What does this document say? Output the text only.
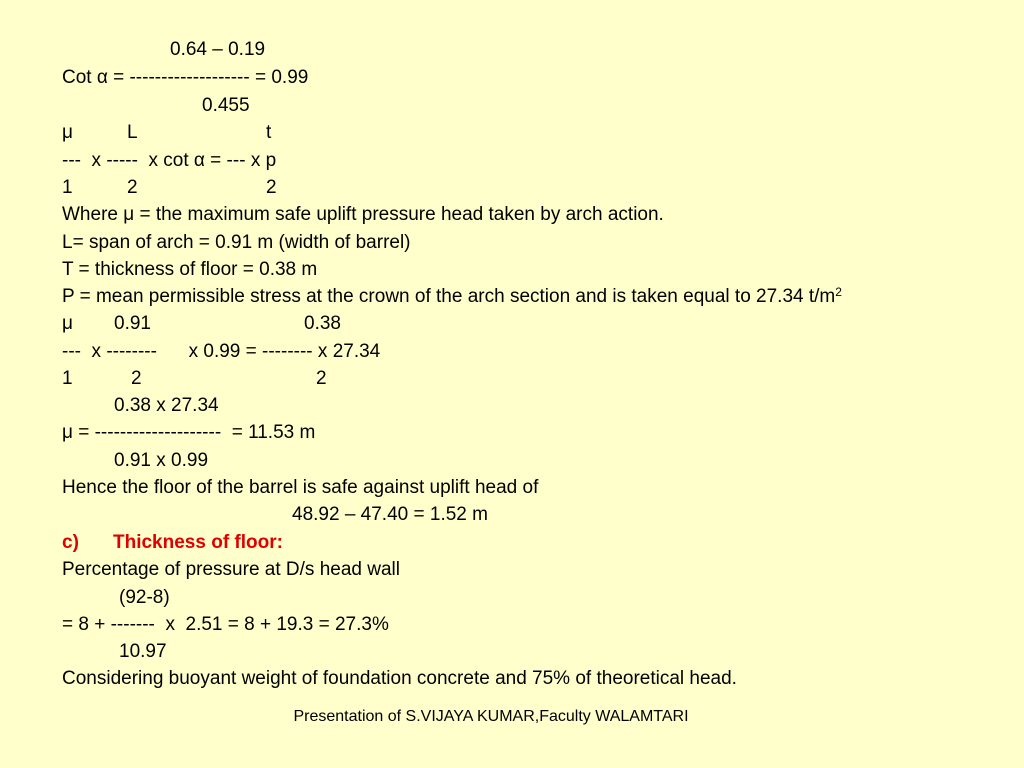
0.64 – 0.19
Cot α = ------------------- = 0.99
0.455
μ	L	t
---  x -----  x cot α = --- x p
1	2	2
Where μ = the maximum safe uplift pressure head taken by arch action.
L= span of arch = 0.91 m (width of barrel)
T = thickness of floor = 0.38 m
P = mean permissible stress at the crown of the arch section and is taken equal to 27.34 $t/m^2$
μ 0.91	0.38
---  x --------      x 0.99 = -------- x 27.34
1	2	2
0.38 x 27.34
μ = --------------------  = 11.53 m
0.91 x 0.99
Hence the floor of the barrel is safe against uplift head of
48.92 – 47.40 = 1.52 m
c) Thickness of floor:
Percentage of pressure at D/s head wall
(92-8)
= 8 + -------  x  2.51 = 8 + 19.3 = 27.3%
10.97
Considering buoyant weight of foundation concrete and 75% of theoretical head.
Presentation of S.VIJAYA KUMAR,Faculty WALAMTARI
